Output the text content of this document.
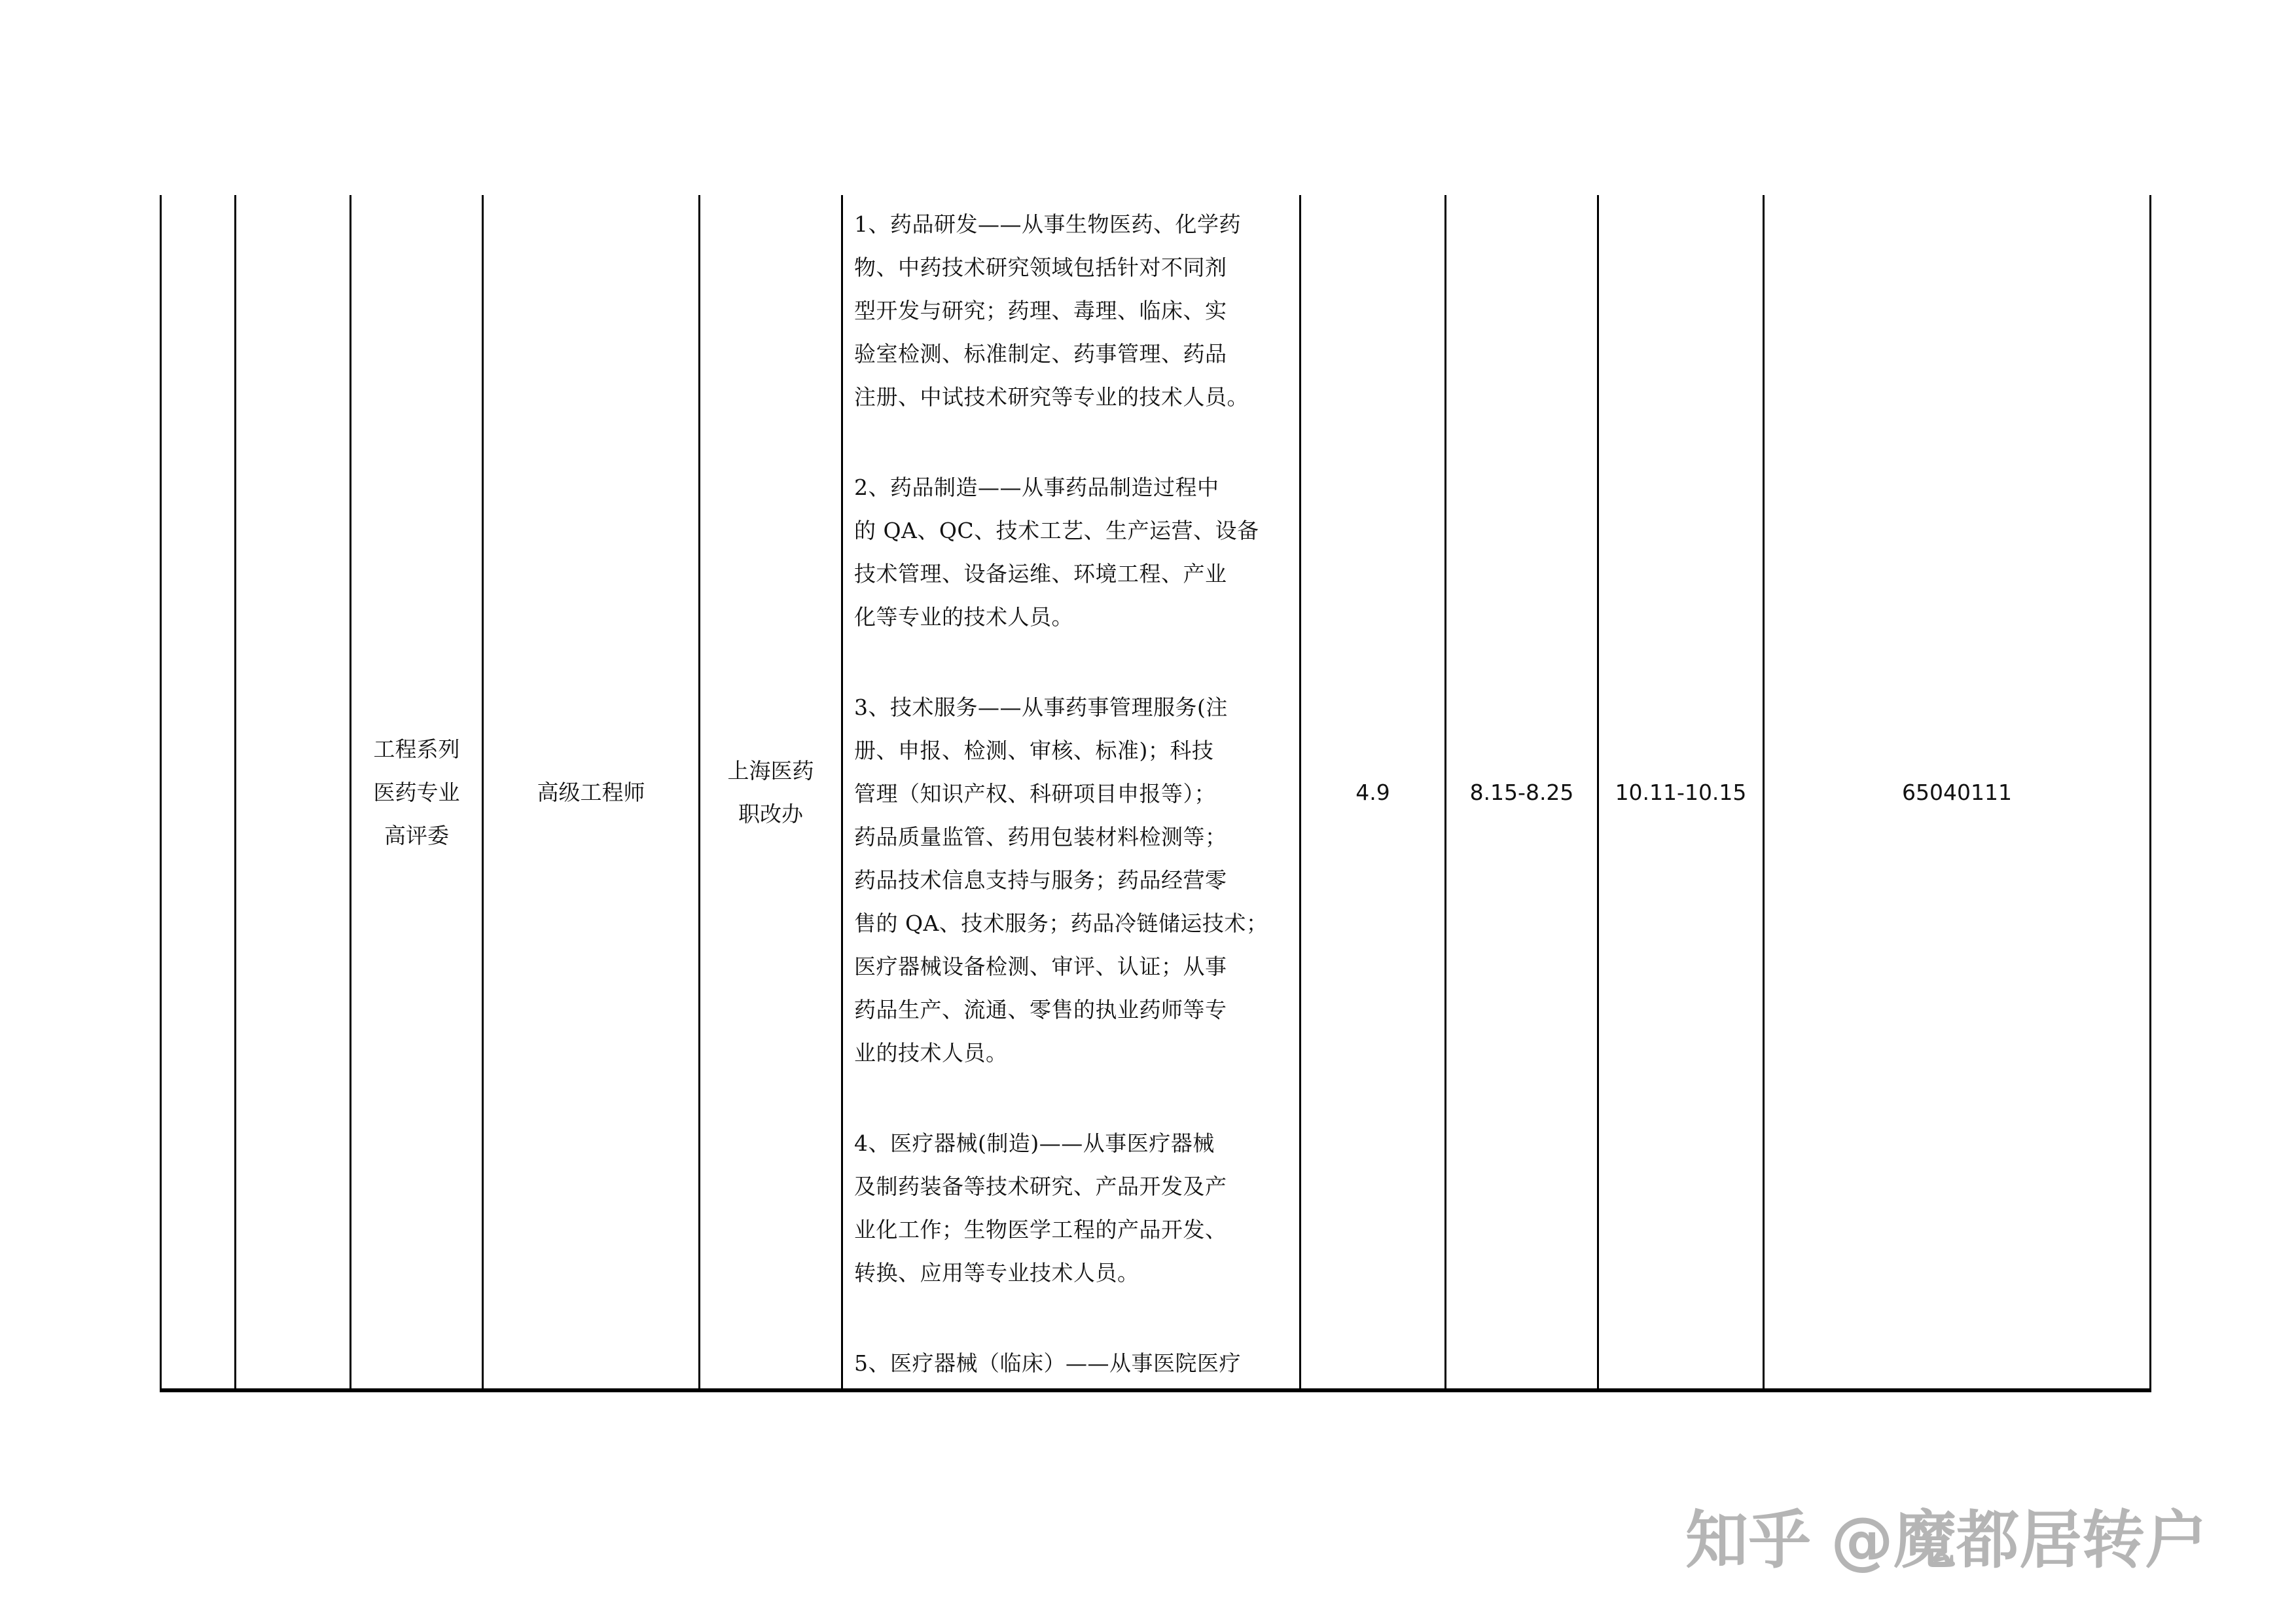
工程系列
医药专业
高评委
高级工程师
上海医药
职改办
1、药品研发——从事生物医药、化学药
物、中药技术研究领域包括针对不同剂
型开发与研究；药理、毒理、临床、实
验室检测、标准制定、药事管理、药品
注册、中试技术研究等专业的技术人员。
2、药品制造——从事药品制造过程中
的 QA、QC、技术工艺、生产运营、设备
技术管理、设备运维、环境工程、产业
化等专业的技术人员。
3、技术服务——从事药事管理服务(注
册、申报、检测、审核、标准)；科技
管理（知识产权、科研项目申报等）；
药品质量监管、药用包装材料检测等；
药品技术信息支持与服务；药品经营零
售的 QA、技术服务；药品冷链储运技术；
医疗器械设备检测、审评、认证；从事
药品生产、流通、零售的执业药师等专
业的技术人员。
4、医疗器械(制造)——从事医疗器械
及制药装备等技术研究、产品开发及产
业化工作；生物医学工程的产品开发、
转换、应用等专业技术人员。
5、医疗器械（临床）——从事医院医疗
4.9	8.15-8.25 10.11-10.15	65040111
知乎 @魔都居转户
